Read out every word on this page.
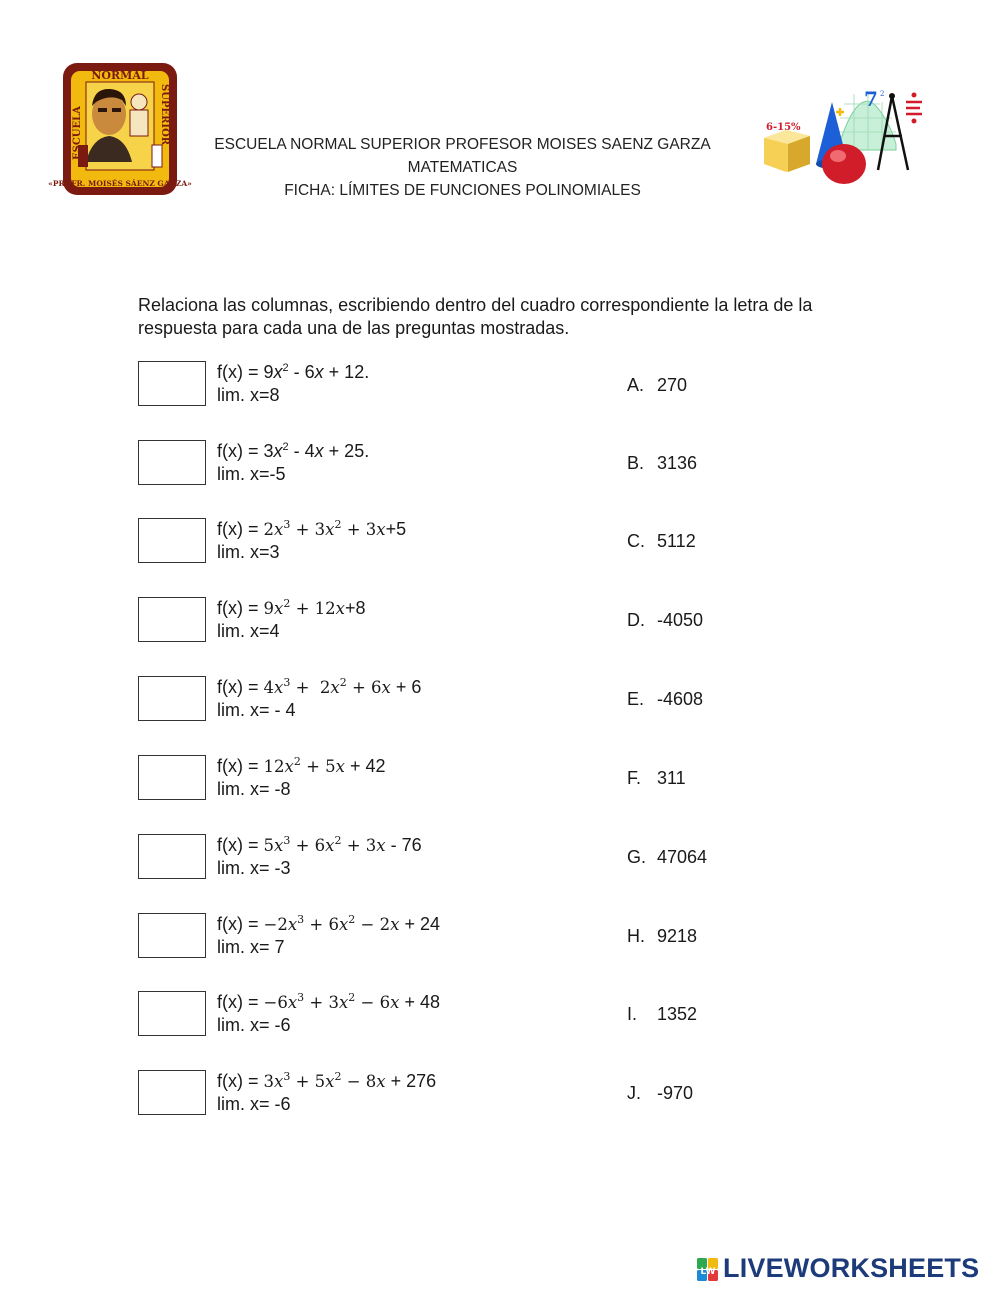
NORMAL
ESCUELA	SUPERIOR
«PROFR. MOISÉS SÁENZ GARZA»
ESCUELA NORMAL SUPERIOR PROFESOR MOISES SAENZ GARZA
MATEMATICAS
FICHA: LÍMITES DE FUNCIONES POLINOMIALES
6-15%
7 2
Relaciona las columnas, escribiendo dentro del cuadro correspondiente la letra de la respuesta para cada una de las preguntas mostradas.
$f(x) = 9x^2 - 6x + 12$.
lim. x=8
$f(x) = 3x^2 - 4x + 25$.
lim. x=-5
$f(x) = 2x^3 + 3x^2 + 3x+5$
lim. x=3
$f(x) = 9x^2 + 12x+8$
lim. x=4
$f(x) = 4x^3 + 2x^2 + 6x + 6$
lim. x= - 4
$f(x) = 12x^2 + 5x + 42$
lim. x= -8
$f(x) = 5x^3 + 6x^2 + 3x - 76$
lim. x= -3
$f(x) = -2x^3 + 6x^2 - 2x + 24$
lim. x= 7
$f(x) = -6x^3 + 3x^2 - 6x + 48$
lim. x= -6
$f(x) = 3x^3 + 5x^2 - 8x + 276$
lim. x= -6
A. 270
B. 3136
C. 5112
D. -4050
E. -4608
F. 311
G. 47064
H. 9218
I. 1352
J. -970
LW LIVEWORKSHEETS
